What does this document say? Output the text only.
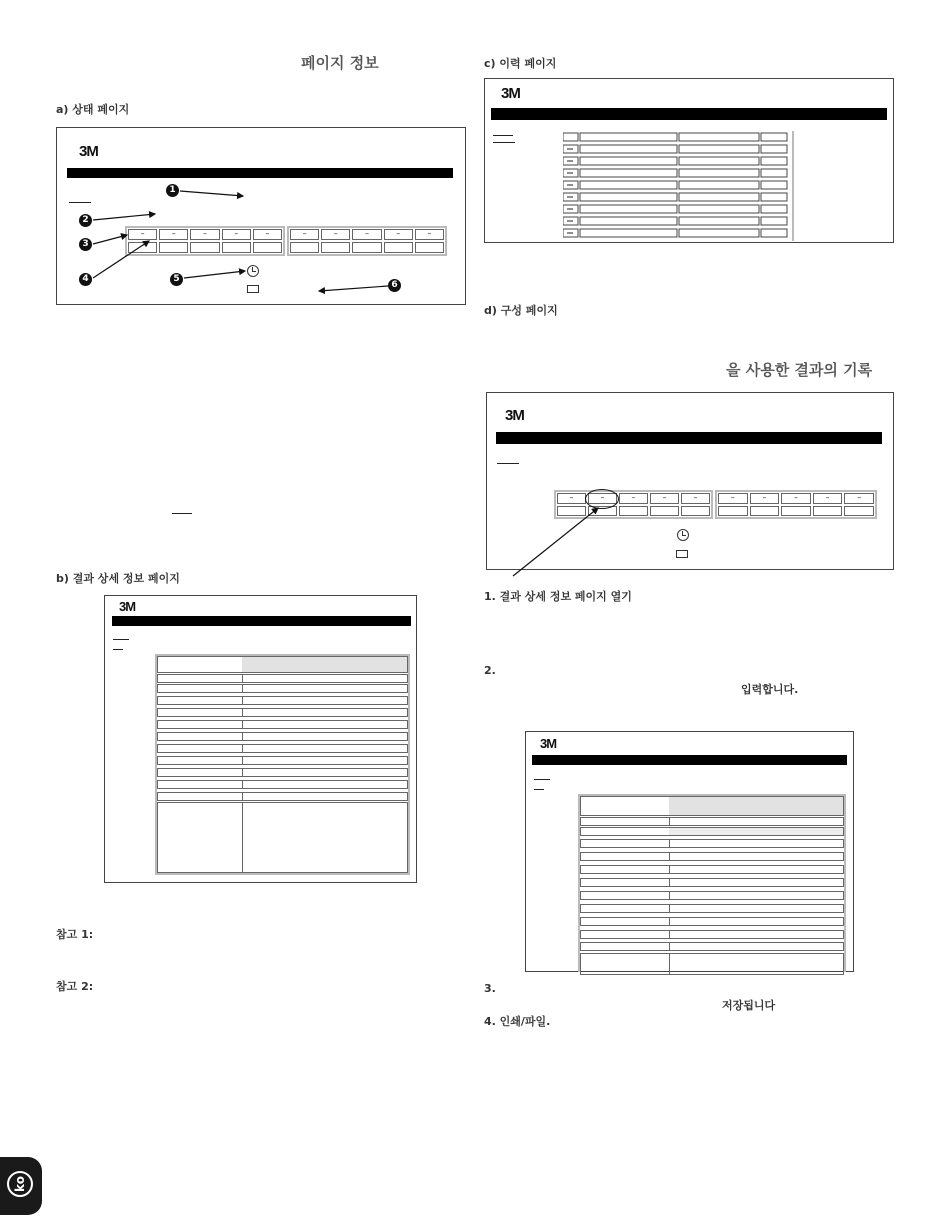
페이지 정보
a) 상태 페이지
3M
–	–	–	–	–	–	–	–	–	–
1
2
3
4	5
6
b) 결과 상세 정보 페이지
3M
참고 1:
참고 2:
c) 이력 페이지
3M
d) 구성 페이지
을 사용한 결과의 기록
3M
–	–	–	–	–	–	–	–	–	–
1. 결과 상세 정보 페이지 열기
2.
입력합니다.
3M
3.
저장됩니다
4. 인쇄/파일.
ko
